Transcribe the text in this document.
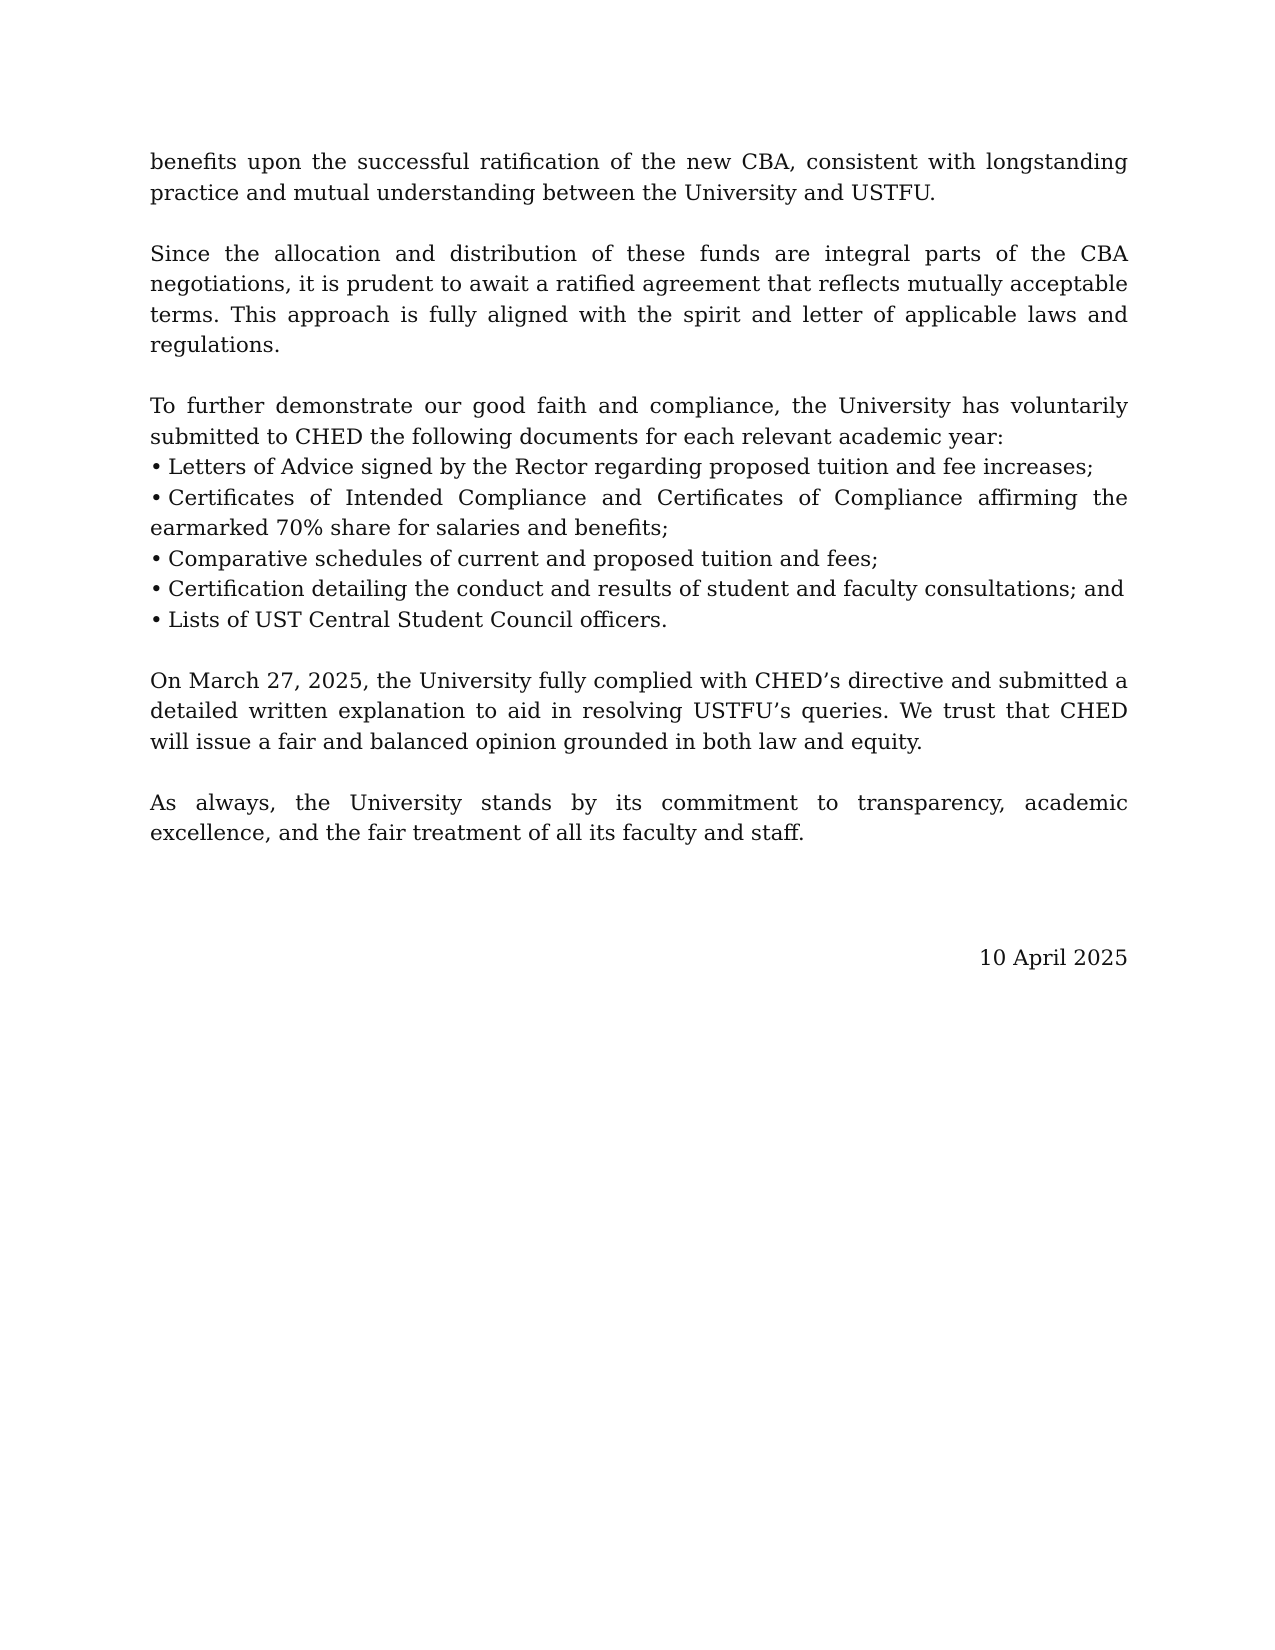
benefits upon the successful ratification of the new CBA, consistent with longstanding practice and mutual understanding between the University and USTFU.

Since the allocation and distribution of these funds are integral parts of the CBA negotiations, it is prudent to await a ratified agreement that reflects mutually acceptable terms. This approach is fully aligned with the spirit and letter of applicable laws and regulations.

To further demonstrate our good faith and compliance, the University has voluntarily submitted to CHED the following documents for each relevant academic year:

• Letters of Advice signed by the Rector regarding proposed tuition and fee increases;
• Certificates of Intended Compliance and Certificates of Compliance affirming the earmarked 70% share for salaries and benefits;
• Comparative schedules of current and proposed tuition and fees;
• Certification detailing the conduct and results of student and faculty consultations; and
• Lists of UST Central Student Council officers.

On March 27, 2025, the University fully complied with CHED’s directive and submitted a detailed written explanation to aid in resolving USTFU’s queries. We trust that CHED will issue a fair and balanced opinion grounded in both law and equity.

As always, the University stands by its commitment to transparency, academic excellence, and the fair treatment of all its faculty and staff.

10 April 2025
